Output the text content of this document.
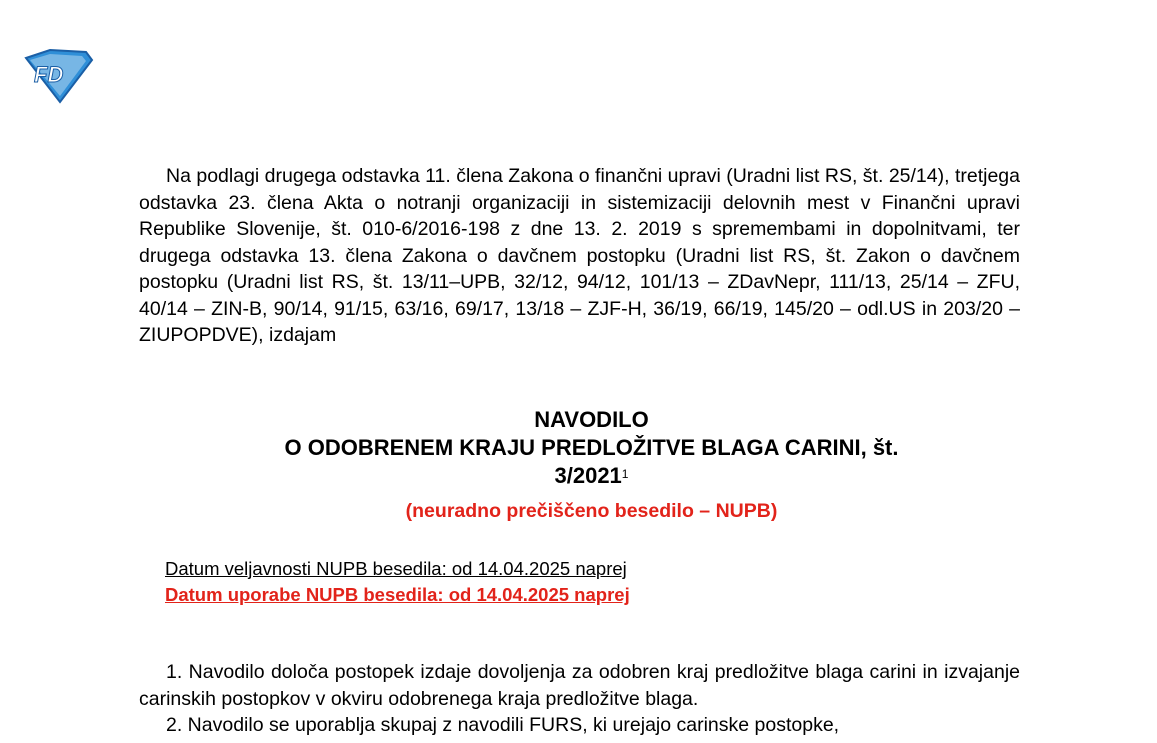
FD

Na podlagi drugega odstavka 11. člena Zakona o finančni upravi (Uradni list RS, št. 25/14), tretjega odstavka 23. člena Akta o notranji organizaciji in sistemizaciji delovnih mest v Finančni upravi Republike Slovenije, št. 010-6/2016-198 z dne 13. 2. 2019 s spremembami in dopolnitvami, ter drugega odstavka 13. člena Zakona o davčnem postopku (Uradni list RS, št. Zakon o davčnem postopku (Uradni list RS, št. 13/11–UPB, 32/12, 94/12, 101/13 – ZDavNepr, 111/13, 25/14 – ZFU, 40/14 – ZIN-B, 90/14, 91/15, 63/16, 69/17, 13/18 – ZJF-H, 36/19, 66/19, 145/20 – odl.US in 203/20 – ZIUPOPDVE), izdajam

NAVODILO
O ODOBRENEM KRAJU PREDLOŽITVE BLAGA CARINI, št.
3/2021$^1$
(neuradno prečiščeno besedilo – NUPB)
Datum veljavnosti NUPB besedila: od 14.04.2025 naprej
Datum uporabe NUPB besedila: od 14.04.2025 naprej

1. Navodilo določa postopek izdaje dovoljenja za odobren kraj predložitve blaga carini in izvajanje carinskih postopkov v okviru odobrenega kraja predložitve blaga.

2. Navodilo se uporablja skupaj z navodili FURS, ki urejajo carinske postopke,
